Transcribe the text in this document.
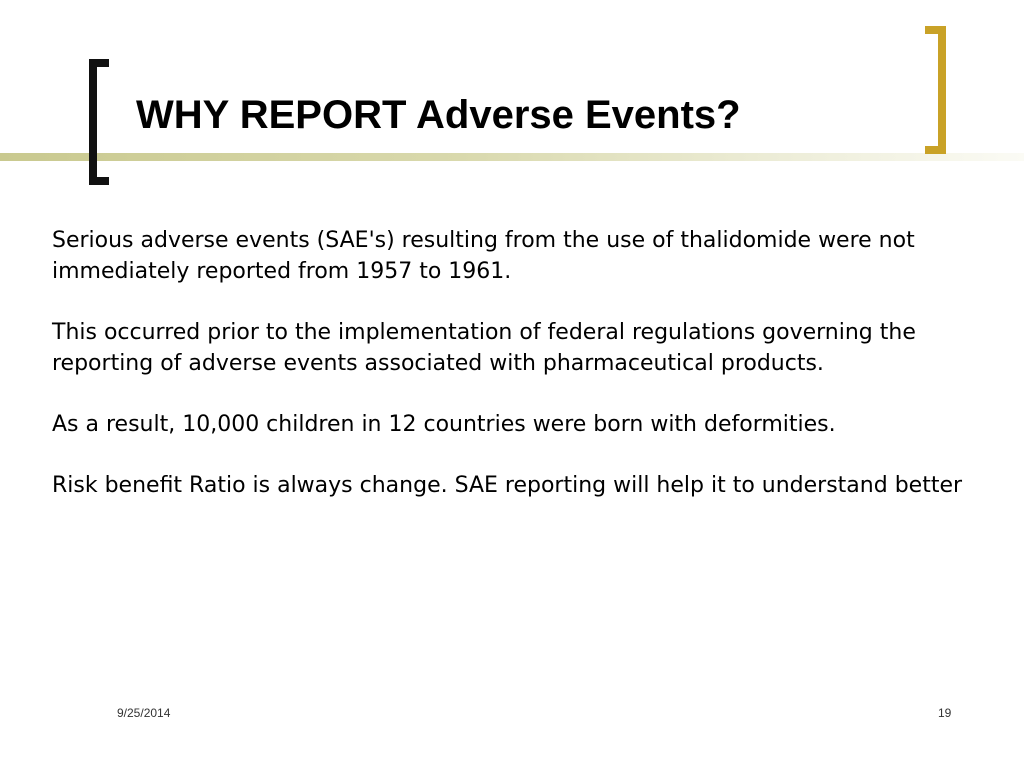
WHY REPORT Adverse Events?

Serious adverse events (SAE's) resulting from the use of thalidomide were not immediately reported from 1957 to 1961.

This occurred prior to the implementation of federal regulations governing the reporting of adverse events associated with pharmaceutical products.

As a result, 10,000 children in 12 countries were born with deformities.

Risk benefit Ratio is always change. SAE reporting will help it to understand better

9/25/2014	19
